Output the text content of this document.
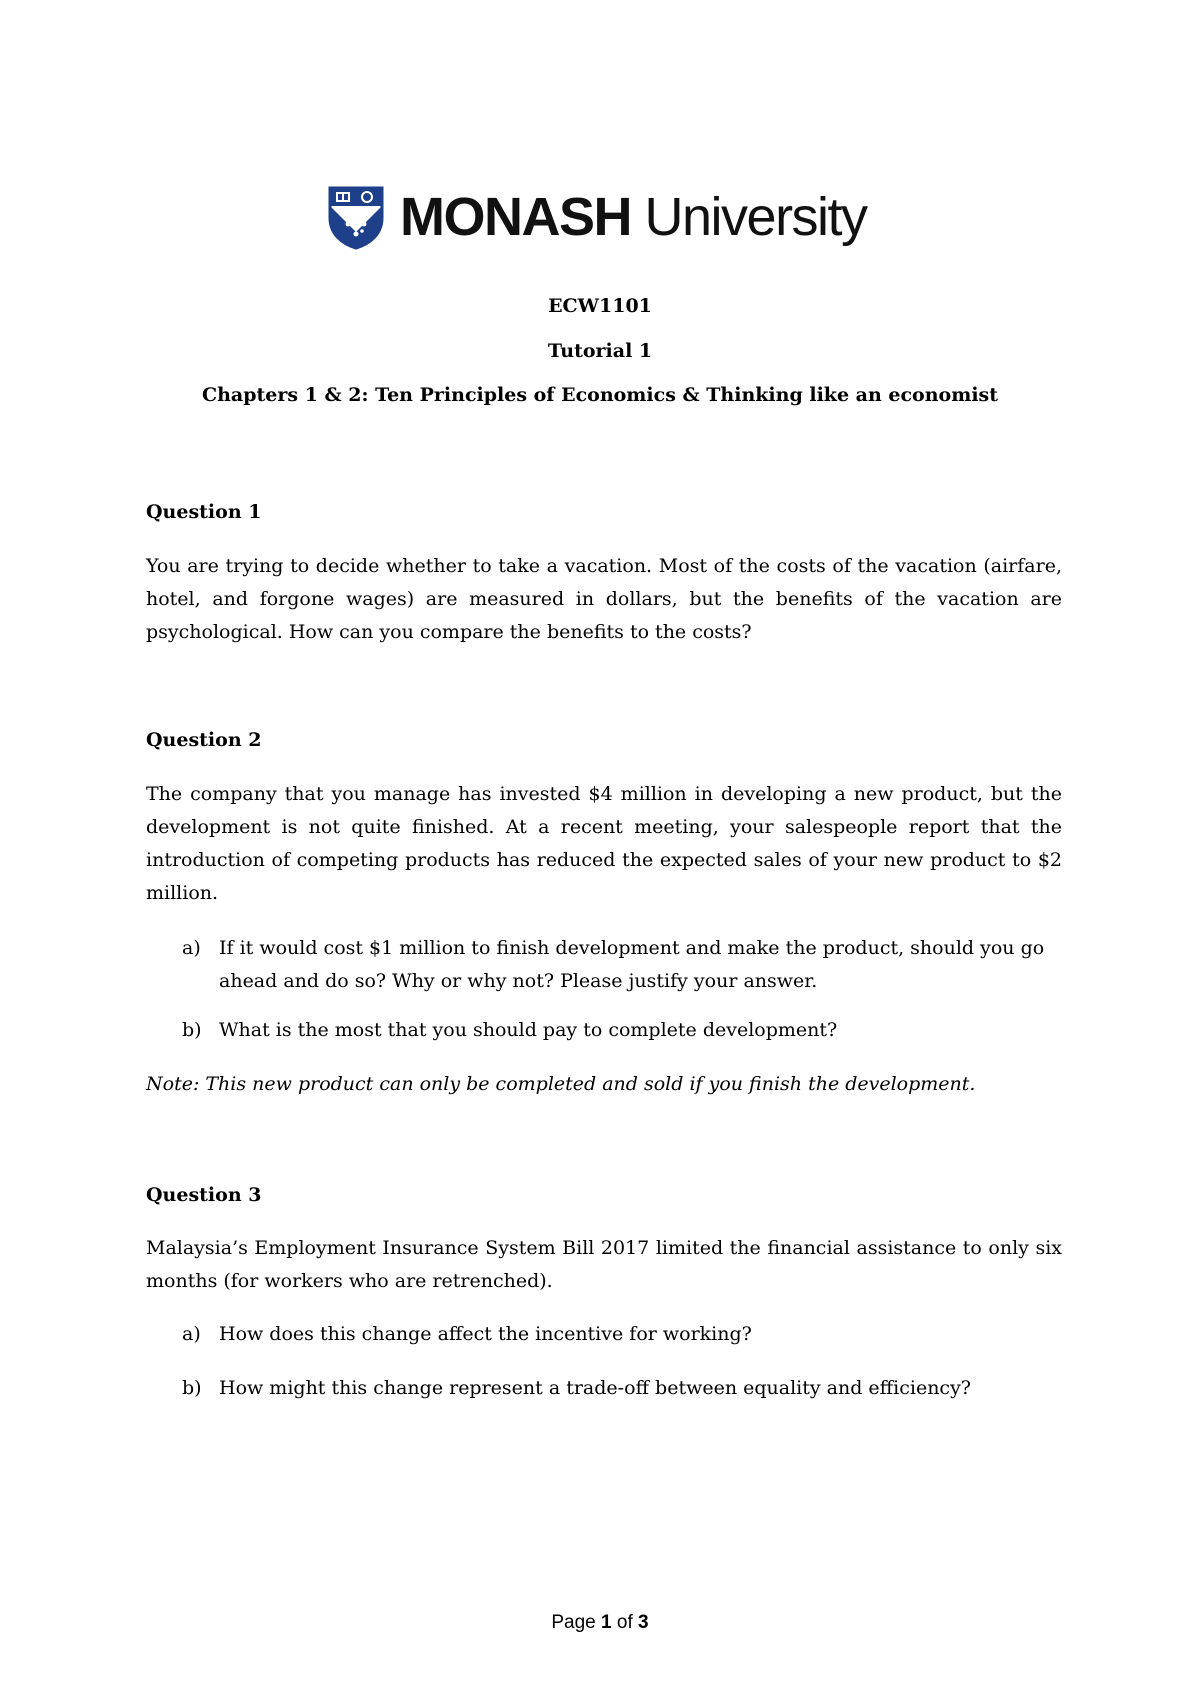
MONASH University
ECW1101
Tutorial 1
Chapters 1 & 2: Ten Principles of Economics & Thinking like an economist
Question 1
You are trying to decide whether to take a vacation. Most of the costs of the vacation (airfare, hotel, and forgone wages) are measured in dollars, but the benefits of the vacation are psychological. How can you compare the benefits to the costs?
Question 2
The company that you manage has invested $4 million in developing a new product, but the development is not quite finished. At a recent meeting, your salespeople report that the introduction of competing products has reduced the expected sales of your new product to $2 million.
a) If it would cost $1 million to finish development and make the product, should you go ahead and do so? Why or why not? Please justify your answer.
b) What is the most that you should pay to complete development?
Note: This new product can only be completed and sold if you finish the development.
Question 3
Malaysia’s Employment Insurance System Bill 2017 limited the financial assistance to only six months (for workers who are retrenched).
a) How does this change affect the incentive for working?
b) How might this change represent a trade-off between equality and efficiency?
Page 1 of 3
